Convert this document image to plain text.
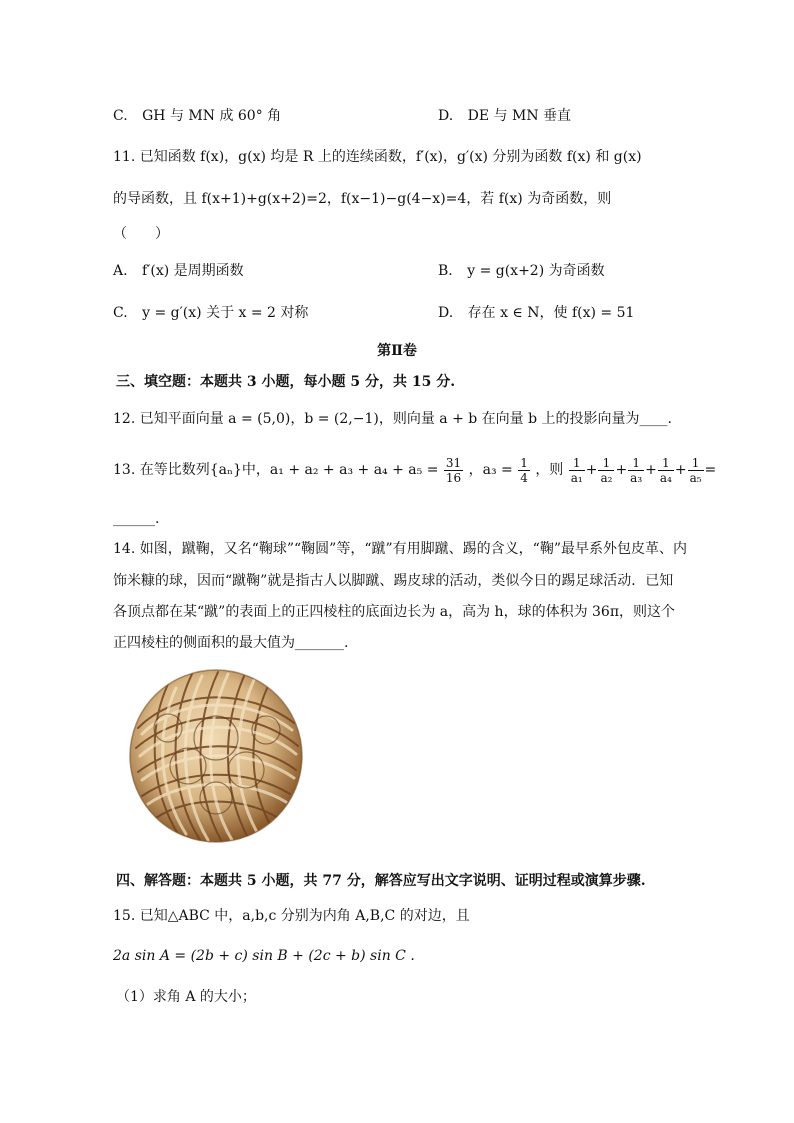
C. GH 与 MN 成 60° 角	D. DE 与 MN 垂直
11. 已知函数 f(x)，g(x) 均是 R 上的连续函数，f′(x)，g′(x) 分别为函数 f(x) 和 g(x)
的导函数，且 f(x+1)+g(x+2)=2，f(x−1)−g(4−x)=4，若 f(x) 为奇函数，则
（　　）
A. f′(x) 是周期函数	B. y = g(x+2) 为奇函数
C. y = g′(x) 关于 x = 2 对称	D. 存在 x ∈ N，使 f(x) = 51
第Ⅱ卷
三、填空题：本题共 3 小题，每小题 5 分，共 15 分.
12. 已知平面向量 a = (5,0)，b = (2,−1)，则向量 a + b 在向量 b 上的投影向量为____.
13. 在等比数列{aₙ}中，$a_1 + a_2 + a_3 + a_4 + a_5 = \frac{31}{16}$ ，$a_3 = \frac{1}{4}$ ，则 $\frac{1}{\text{a₁}} + \frac{1}{\text{a₂}} + \frac{1}{\text{a₃}} + \frac{1}{\text{a₄}} + \frac{1}{\text{a₅}}$ =
______.
14. 如图，蹴鞠，又名“鞠球”“鞠圆”等，“蹴”有用脚蹴、踢的含义，“鞠”最早系外包皮革、内
饰米糠的球，因而“蹴鞠”就是指古人以脚蹴、踢皮球的活动，类似今日的踢足球活动．已知
各顶点都在某“蹴”的表面上的正四棱柱的底面边长为 a，高为 h，球的体积为 36π，则这个
正四棱柱的侧面积的最大值为_______.
四、解答题：本题共 5 小题，共 77 分，解答应写出文字说明、证明过程或演算步骤.
15. 已知△ABC 中，a,b,c 分别为内角 A,B,C 的对边，且
2a sin A = (2b + c) sin B + (2c + b) sin C .
（1）求角 A 的大小；
